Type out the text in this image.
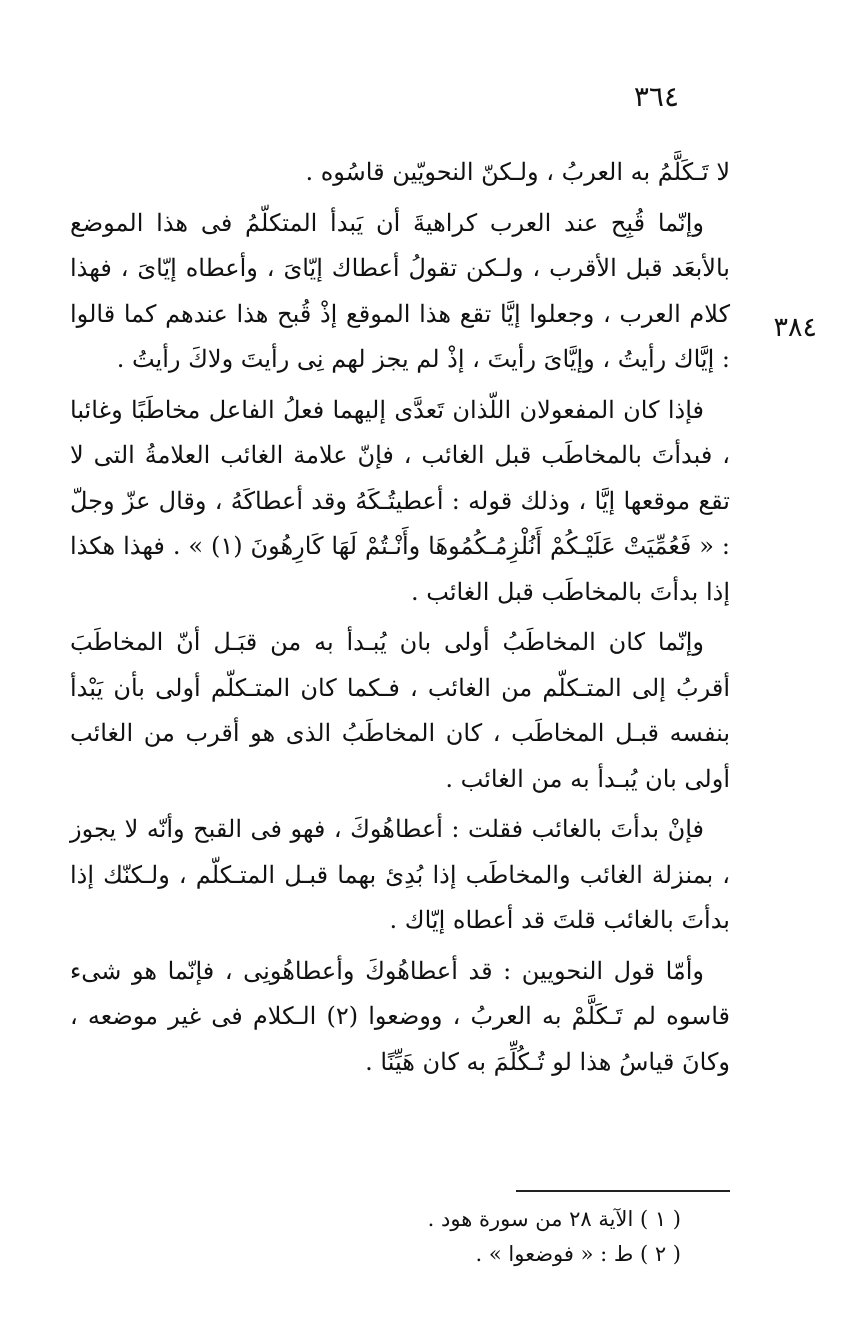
٣٦٤
٣٨٤

لا تَـكَلَّمُ به العربُ ، ولـكنّ النحويّين قاسُوه .

وإنّما قُبِح عند العرب كراهيةَ أن يَبدأ المتكلّمُ فى هذا الموضع بالأبعَد قبل الأقرب ، ولـكن تقولُ أعطاك إيّاىَ ، وأعطاه إيّاىَ ، فهذا كلام العرب ، وجعلوا إيَّا تقع هذا الموقع إذْ قُبح هذا عندهم كما قالوا : إيَّاك رأيتُ ، وإيَّاىَ رأيتَ ، إذْ لم يجز لهم نِى رأيتَ ولاكَ رأيتُ .

فإذا كان المفعولان اللّذان تَعدَّى إليهما فعلُ الفاعل مخاطَبًا وغائبا ، فبدأتَ بالمخاطَب قبل الغائب ، فإنّ علامة الغائب العلامةُ التى لا تقع موقعها إيَّا ، وذلك قوله : أعطيتُـكَهُ وقد أعطاكَهُ ، وقال عزّ وجلّ : « فَعُمِّيَتْ عَلَيْـكُمْ أَنُلْزِمُـكُمُوهَا وأَنْـتُمْ لَهَا كَارِهُونَ (١) » . فهذا هكذا إذا بدأتَ بالمخاطَب قبل الغائب .

وإنّما كان المخاطَبُ أولى بان يُبـدأ به من قبَـل أنّ المخاطَبَ أقربُ إلى المتـكلّم من الغائب ، فـكما كان المتـكلّم أولى بأن يَبْدأ بنفسه قبـل المخاطَب ، كان المخاطَبُ الذى هو أقرب من الغائب أولى بان يُبـدأ به من الغائب .

فإنْ بدأتَ بالغائب فقلت : أعطاهُوكَ ، فهو فى القبح وأنّه لا يجوز ، بمنزلة الغائب والمخاطَب إذا بُدِئ بهما قبـل المتـكلّم ، ولـكنّك إذا بدأتَ بالغائب قلتَ قد أعطاه إيّاك .

وأمّا قول النحويين : قد أعطاهُوكَ وأعطاهُونِى ، فإنّما هو شىء قاسوه لم تَـكَلَّمْ به العربُ ، ووضعوا (٢) الـكلام فى غير موضعه ، وكانَ قياسُ هذا لو تُـكُلِّمَ به كان هَيِّنًا .

( ١ ) الآية ٢٨ من سورة هود .
( ٢ ) ط : « فوضعوا » .
